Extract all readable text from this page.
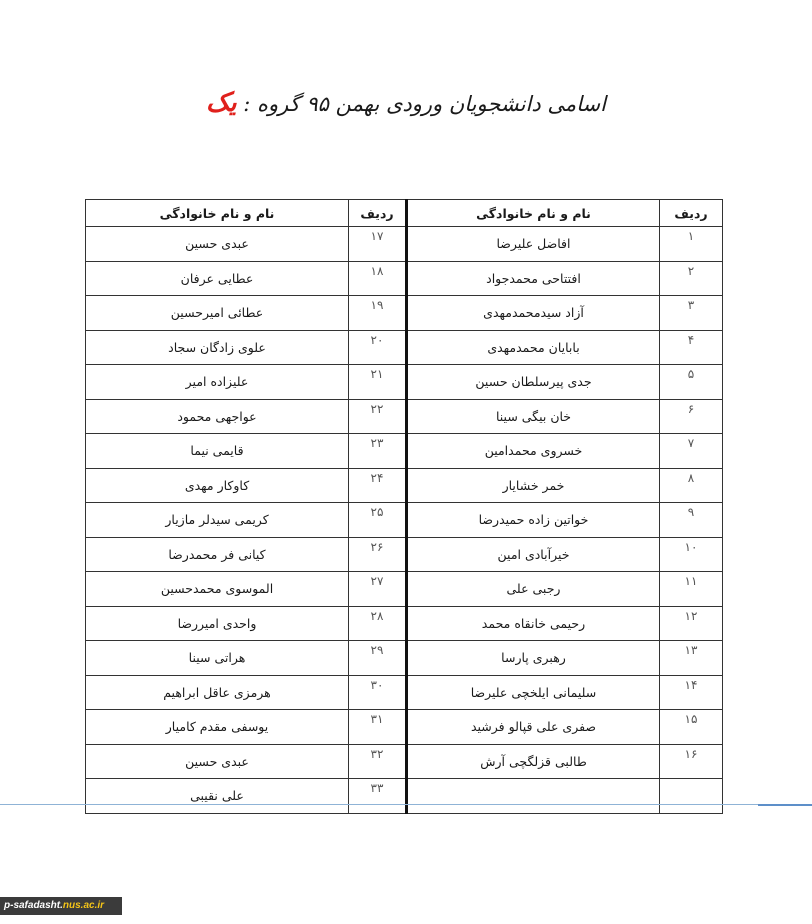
اسامی دانشجویان ورودی بهمن ۹۵ گروه : یک
ردیف	نام و نام خانوادگی	ردیف	نام و نام خانوادگی
۱	افاضل علیرضا	۱۷	عبدی حسین
۲	افتتاحی محمدجواد	۱۸	عطایی عرفان
۳	آزاد سیدمحمدمهدی	۱۹	عطائی امیرحسین
۴	بابایان محمدمهدی	۲۰	علوی زادگان سجاد
۵	جدی پیرسلطان حسین	۲۱	علیزاده امیر
۶	خان بیگی سینا	۲۲	عواجهی محمود
۷	خسروی محمدامین	۲۳	قایمی نیما
۸	خمر خشایار	۲۴	کاوکار مهدی
۹	خواتین زاده حمیدرضا	۲۵	کریمی سیدلر مازیار
۱۰	خیرآبادی امین	۲۶	کیانی فر محمدرضا
۱۱	رجبی علی	۲۷	الموسوی محمدحسین
۱۲	رحیمی خانقاه محمد	۲۸	واحدی امیررضا
۱۳	رهبری پارسا	۲۹	هراتی سینا
۱۴	سلیمانی ایلخچی علیرضا	۳۰	هرمزی عاقل ابراهیم
۱۵	صفری علی قپالو فرشید	۳۱	یوسفی مقدم کامیار
۱۶	طالبی قزلگچی آرش	۳۲	عبدی حسین
		۳۳	علی نقیبی
p-safadasht.nus.ac.ir
